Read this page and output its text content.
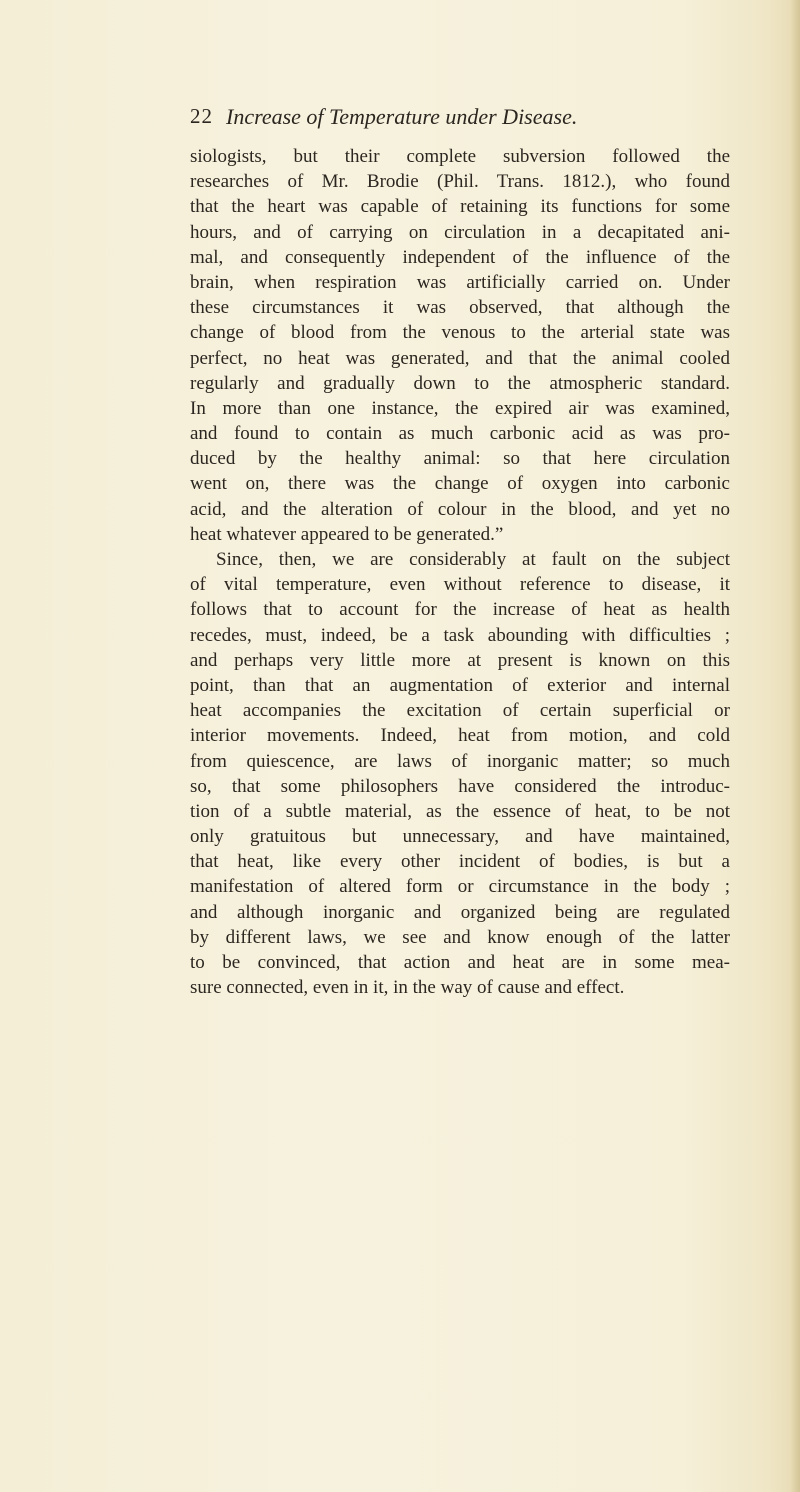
22 Increase of Temperature under Disease.
siologists, but their complete subversion followed the
researches of Mr. Brodie (Phil. Trans. 1812.), who found
that the heart was capable of retaining its functions for some
hours, and of carrying on circulation in a decapitated ani-
mal, and consequently independent of the influence of the
brain, when respiration was artificially carried on. Under
these circumstances it was observed, that although the
change of blood from the venous to the arterial state was
perfect, no heat was generated, and that the animal cooled
regularly and gradually down to the atmospheric standard.
In more than one instance, the expired air was examined,
and found to contain as much carbonic acid as was pro-
duced by the healthy animal: so that here circulation
went on, there was the change of oxygen into carbonic
acid, and the alteration of colour in the blood, and yet no
heat whatever appeared to be generated.”
Since, then, we are considerably at fault on the subject
of vital temperature, even without reference to disease, it
follows that to account for the increase of heat as health
recedes, must, indeed, be a task abounding with difficulties ;
and perhaps very little more at present is known on this
point, than that an augmentation of exterior and internal
heat accompanies the excitation of certain superficial or
interior movements. Indeed, heat from motion, and cold
from quiescence, are laws of inorganic matter; so much
so, that some philosophers have considered the introduc-
tion of a subtle material, as the essence of heat, to be not
only gratuitous but unnecessary, and have maintained,
that heat, like every other incident of bodies, is but a
manifestation of altered form or circumstance in the body ;
and although inorganic and organized being are regulated
by different laws, we see and know enough of the latter
to be convinced, that action and heat are in some mea-
sure connected, even in it, in the way of cause and effect.
